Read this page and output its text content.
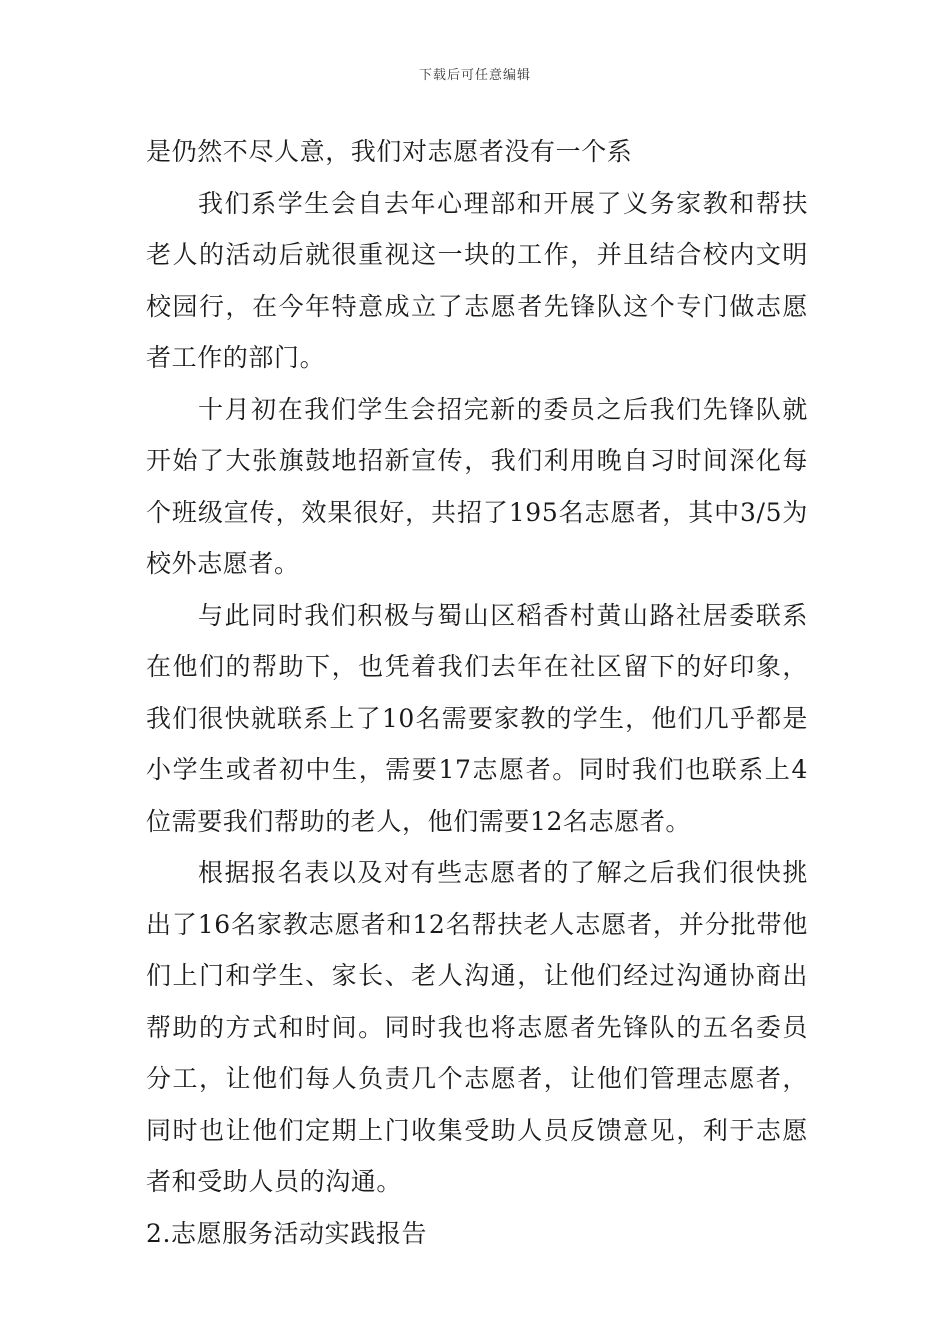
下载后可任意编辑

是仍然不尽人意，我们对志愿者没有一个系

我们系学生会自去年心理部和开展了义务家教和帮扶老人的活动后就很重视这一块的工作，并且结合校内文明校园行，在今年特意成立了志愿者先锋队这个专门做志愿者工作的部门。

十月初在我们学生会招完新的委员之后我们先锋队就开始了大张旗鼓地招新宣传，我们利用晚自习时间深化每个班级宣传，效果很好，共招了195名志愿者，其中3/5为校外志愿者。

与此同时我们积极与蜀山区稻香村黄山路社居委联系在他们的帮助下，也凭着我们去年在社区留下的好印象，我们很快就联系上了10名需要家教的学生，他们几乎都是小学生或者初中生，需要17志愿者。同时我们也联系上4位需要我们帮助的老人，他们需要12名志愿者。

根据报名表以及对有些志愿者的了解之后我们很快挑出了16名家教志愿者和12名帮扶老人志愿者，并分批带他们上门和学生、家长、老人沟通，让他们经过沟通协商出帮助的方式和时间。同时我也将志愿者先锋队的五名委员分工，让他们每人负责几个志愿者，让他们管理志愿者，同时也让他们定期上门收集受助人员反馈意见，利于志愿者和受助人员的沟通。

2.志愿服务活动实践报告
